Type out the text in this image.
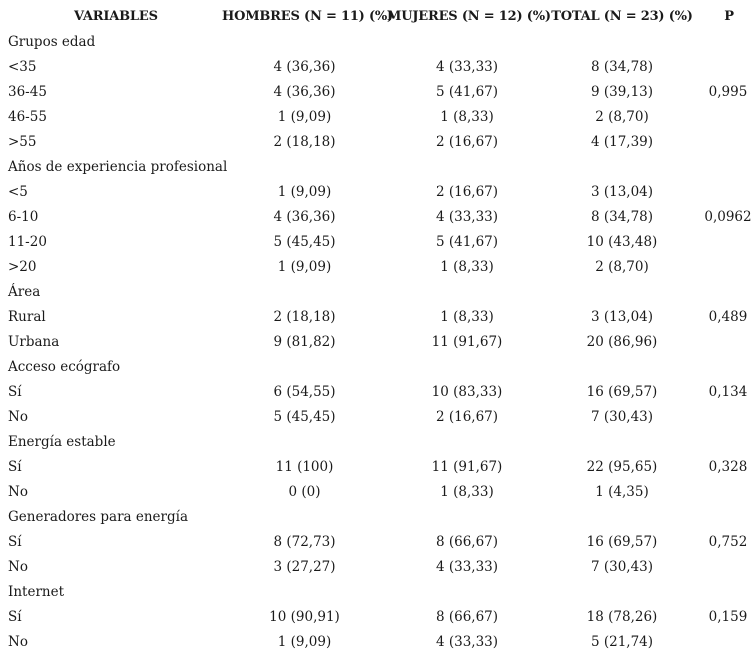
VARIABLES	HOMBRES (N = 11) (%)	MUJERES (N = 12) (%)	TOTAL (N = 23) (%)	P
Grupos edad				
<35	4 (36,36)	4 (33,33)	8 (34,78)	
36-45	4 (36,36)	5 (41,67)	9 (39,13)	0,995
46-55	1 (9,09)	1 (8,33)	2 (8,70)	
>55	2 (18,18)	2 (16,67)	4 (17,39)	
Años de experiencia profesional				
<5	1 (9,09)	2 (16,67)	3 (13,04)	
6-10	4 (36,36)	4 (33,33)	8 (34,78)	0,0962
11-20	5 (45,45)	5 (41,67)	10 (43,48)	
>20	1 (9,09)	1 (8,33)	2 (8,70)	
Área				
Rural	2 (18,18)	1 (8,33)	3 (13,04)	0,489
Urbana	9 (81,82)	11 (91,67)	20 (86,96)	
Acceso ecógrafo				
Sí	6 (54,55)	10 (83,33)	16 (69,57)	0,134
No	5 (45,45)	2 (16,67)	7 (30,43)	
Energía estable				
Sí	11 (100)	11 (91,67)	22 (95,65)	0,328
No	0 (0)	1 (8,33)	1 (4,35)	
Generadores para energía				
Sí	8 (72,73)	8 (66,67)	16 (69,57)	0,752
No	3 (27,27)	4 (33,33)	7 (30,43)	
Internet				
Sí	10 (90,91)	8 (66,67)	18 (78,26)	0,159
No	1 (9,09)	4 (33,33)	5 (21,74)	
